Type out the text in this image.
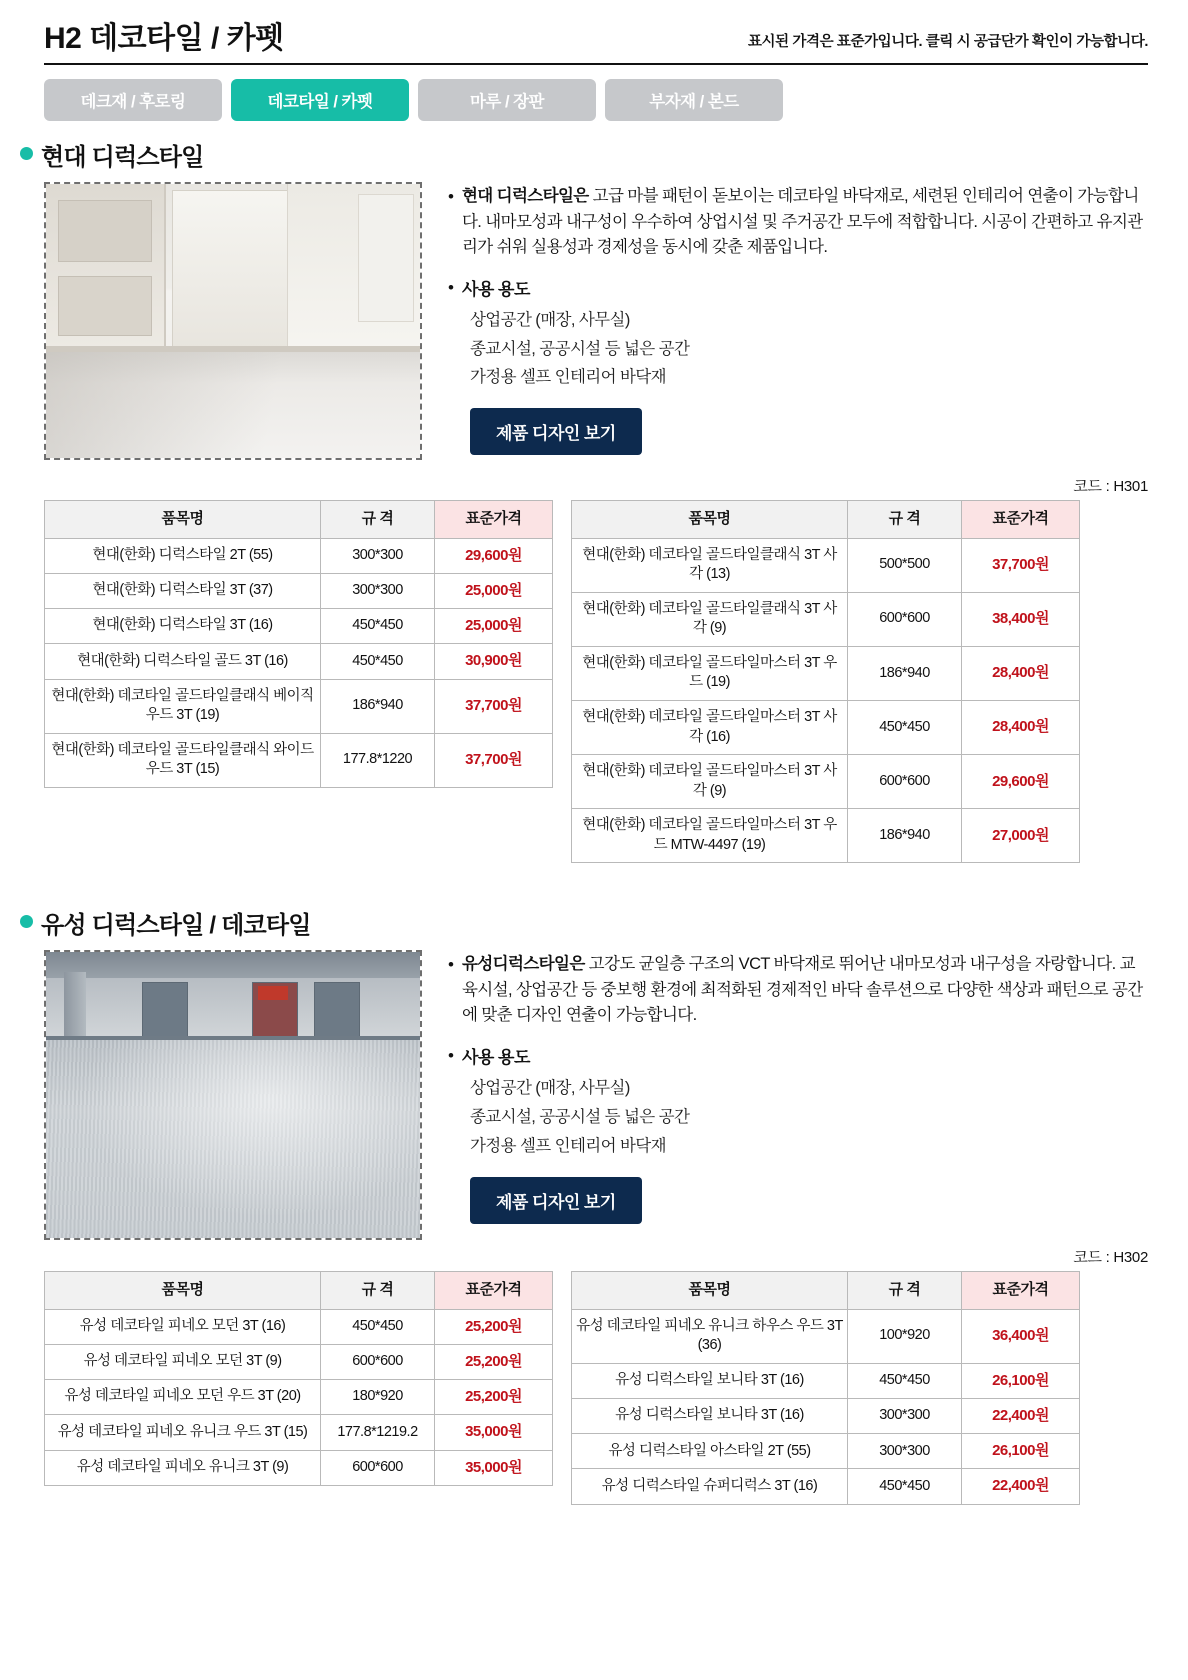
H2 데코타일 / 카펫	표시된 가격은 표준가입니다. 클릭 시 공급단가 확인이 가능합니다.
데크재 / 후로링	데코타일 / 카펫	마루 / 장판	부자재 / 본드
현대 디럭스타일
• 현대 디럭스타일은 고급 마블 패턴이 돋보이는 데코타일 바닥재로, 세련된 인테리어 연출이 가능합니다. 내마모성과 내구성이 우수하여 상업시설 및 주거공간 모두에 적합합니다. 시공이 간편하고 유지관리가 쉬워 실용성과 경제성을 동시에 갖춘 제품입니다.
• 사용 용도
상업공간 (매장, 사무실)
종교시설, 공공시설 등 넓은 공간
가정용 셀프 인테리어 바닥재
제품 디자인 보기
코드 : H301
품목명	규 격	표준가격
현대(한화) 디럭스타일 2T (55)	300*300	29,600원
현대(한화) 디럭스타일 3T (37)	300*300	25,000원
현대(한화) 디럭스타일 3T (16)	450*450	25,000원
현대(한화) 디럭스타일 골드 3T (16)	450*450	30,900원
현대(한화) 데코타일 골드타일클래식 베이직 우드 3T (19)	186*940	37,700원
현대(한화) 데코타일 골드타일클래식 와이드 우드 3T (15)	177.8*1220	37,700원
품목명	규 격	표준가격
현대(한화) 데코타일 골드타일클래식 3T 사각 (13)	500*500	37,700원
현대(한화) 데코타일 골드타일클래식 3T 사각 (9)	600*600	38,400원
현대(한화) 데코타일 골드타일마스터 3T 우드 (19)	186*940	28,400원
현대(한화) 데코타일 골드타일마스터 3T 사각 (16)	450*450	28,400원
현대(한화) 데코타일 골드타일마스터 3T 사각 (9)	600*600	29,600원
현대(한화) 데코타일 골드타일마스터 3T 우드 MTW-4497 (19)	186*940	27,000원
유성 디럭스타일 / 데코타일
• 유성디럭스타일은 고강도 균일층 구조의 VCT 바닥재로 뛰어난 내마모성과 내구성을 자랑합니다. 교육시설, 상업공간 등 중보행 환경에 최적화된 경제적인 바닥 솔루션으로 다양한 색상과 패턴으로 공간에 맞춘 디자인 연출이 가능합니다.
• 사용 용도
상업공간 (매장, 사무실)
종교시설, 공공시설 등 넓은 공간
가정용 셀프 인테리어 바닥재
제품 디자인 보기
코드 : H302
품목명	규 격	표준가격
유성 데코타일 피네오 모던 3T (16)	450*450	25,200원
유성 데코타일 피네오 모던 3T (9)	600*600	25,200원
유성 데코타일 피네오 모던 우드 3T (20)	180*920	25,200원
유성 데코타일 피네오 유니크 우드 3T (15)	177.8*1219.2	35,000원
유성 데코타일 피네오 유니크 3T (9)	600*600	35,000원
품목명	규 격	표준가격
유성 데코타일 피네오 유니크 하우스 우드 3T (36)	100*920	36,400원
유성 디럭스타일 보니타 3T (16)	450*450	26,100원
유성 디럭스타일 보니타 3T (16)	300*300	22,400원
유성 디럭스타일 아스타일 2T (55)	300*300	26,100원
유성 디럭스타일 슈퍼디럭스 3T (16)	450*450	22,400원
